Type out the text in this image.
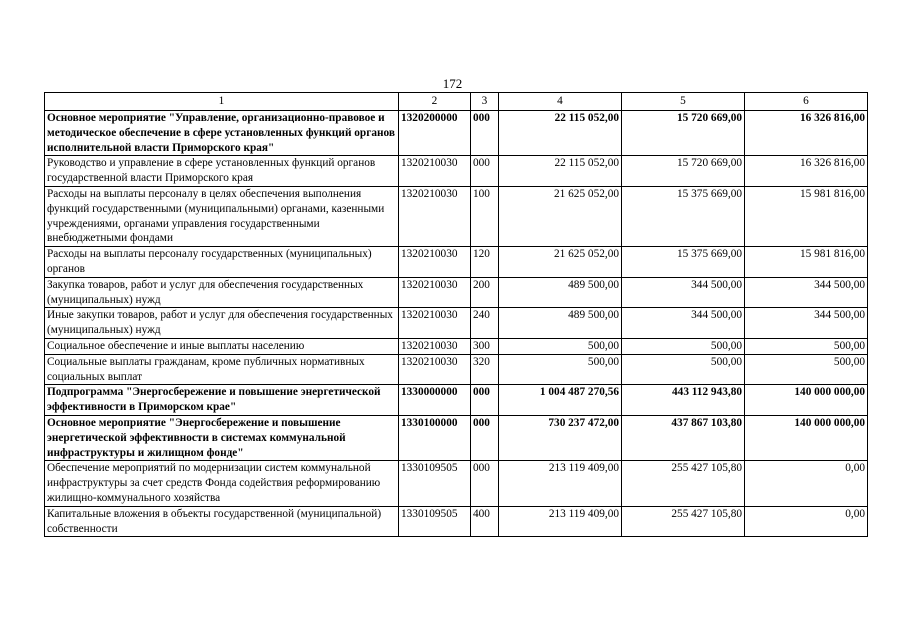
172
1	2	3	4	5	6
Основное мероприятие "Управление, организационно-правовое и методическое обеспечение в сфере установленных функций органов исполнительной власти Приморского края"	1320200000	000	22 115 052,00	15 720 669,00	16 326 816,00
Руководство и управление в сфере установленных функций органов государственной власти Приморского края	1320210030	000	22 115 052,00	15 720 669,00	16 326 816,00
Расходы на выплаты персоналу в целях обеспечения выполнения функций государственными (муниципальными) органами, казенными учреждениями, органами управления государственными внебюджетными фондами	1320210030	100	21 625 052,00	15 375 669,00	15 981 816,00
Расходы на выплаты персоналу государственных (муниципальных) органов	1320210030	120	21 625 052,00	15 375 669,00	15 981 816,00
Закупка товаров, работ и услуг для обеспечения государственных (муниципальных) нужд	1320210030	200	489 500,00	344 500,00	344 500,00
Иные закупки товаров, работ и услуг для обеспечения государственных (муниципальных) нужд	1320210030	240	489 500,00	344 500,00	344 500,00
Социальное обеспечение и иные выплаты населению	1320210030	300	500,00	500,00	500,00
Социальные выплаты гражданам, кроме публичных нормативных социальных выплат	1320210030	320	500,00	500,00	500,00
Подпрограмма "Энергосбережение и повышение энергетической эффективности в Приморском крае"	1330000000	000	1 004 487 270,56	443 112 943,80	140 000 000,00
Основное мероприятие "Энергосбережение и повышение энергетической эффективности в системах коммунальной инфраструктуры и жилищном фонде"	1330100000	000	730 237 472,00	437 867 103,80	140 000 000,00
Обеспечение мероприятий по модернизации систем коммунальной инфраструктуры за счет средств Фонда содействия реформированию жилищно-коммунального хозяйства	1330109505	000	213 119 409,00	255 427 105,80	0,00
Капитальные вложения в объекты государственной (муниципальной) собственности	1330109505	400	213 119 409,00	255 427 105,80	0,00
